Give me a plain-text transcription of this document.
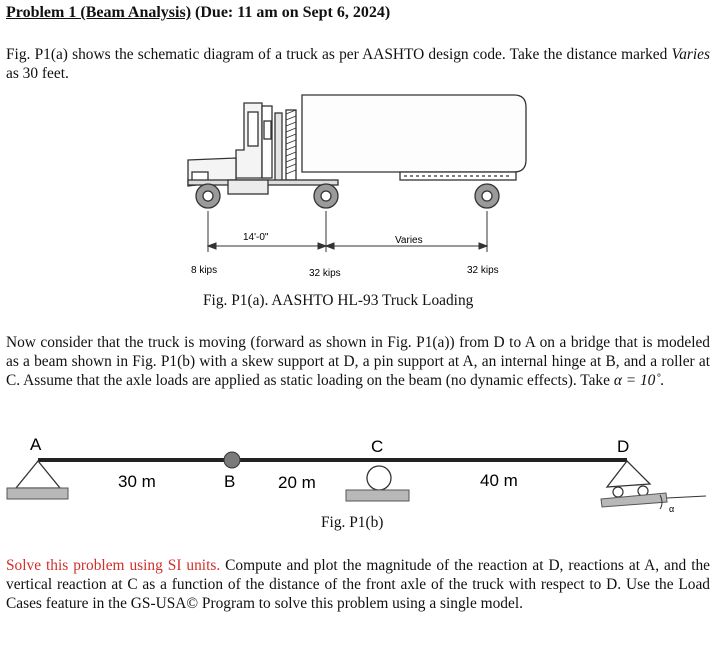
Problem 1 (Beam Analysis) (Due: 11 am on Sept 6, 2024)
Fig. P1(a) shows the schematic diagram of a truck as per AASHTO design code. Take the distance marked Varies as 30 feet.
14'-0"	Varies
8 kips	32 kips	32 kips
Fig. P1(a). AASHTO HL-93 Truck Loading
Now consider that the truck is moving (forward as shown in Fig. P1(a)) from D to A on a bridge that is modeled as a beam shown in Fig. P1(b) with a skew support at D, a pin support at A, an internal hinge at B, and a roller at C. Assume that the axle loads are applied as static loading on the beam (no dynamic effects). Take α = 10˚.
A
B
C	D
30 m	20 m	40 m
α
Fig. P1(b)
Solve this problem using SI units. Compute and plot the magnitude of the reaction at D, reactions at A, and the vertical reaction at C as a function of the distance of the front axle of the truck with respect to D. Use the Load Cases feature in the GS-USA© Program to solve this problem using a single model.
